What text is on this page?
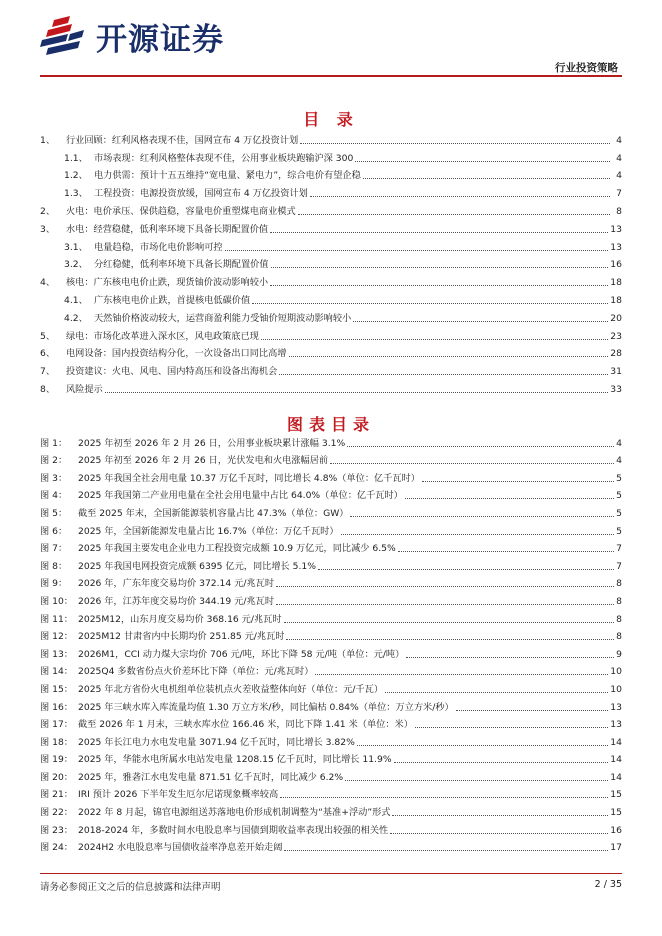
开源证券
行业投资策略
目 录
1、	行业回顾：红利风格表现不佳，国网宣布 4 万亿投资计划	4
1.1、 市场表现：红利风格整体表现不佳，公用事业板块跑输沪深 300	4
1.2、 电力供需：预计十五五维持“宽电量、紧电力”，综合电价有望企稳	4
1.3、 工程投资：电源投资放缓，国网宣布 4 万亿投资计划	7
2、	火电：电价承压、保供趋稳，容量电价重塑煤电商业模式	8
3、	水电：经营稳健，低利率环境下具备长期配置价值	13
3.1、 电量趋稳，市场化电价影响可控	13
3.2、 分红稳健，低利率环境下具备长期配置价值	16
4、	核电：广东核电电价止跌，现货铀价波动影响较小	18
4.1、 广东核电电价止跌，首提核电低碳价值	18
4.2、 天然铀价格波动较大，运营商盈利能力受铀价短期波动影响较小	20
5、	绿电：市场化改革进入深水区，风电政策底已现	23
6、	电网设备：国内投资结构分化，一次设备出口同比高增	28
7、	投资建议：火电、风电、国内特高压和设备出海机会	31
8、	风险提示	33
图表目录
图 1：	2025 年初至 2026 年 2 月 26 日，公用事业板块累计涨幅 3.1%	4
图 2：	2025 年初至 2026 年 2 月 26 日，光伏发电和火电涨幅居前	4
图 3：	2025 年我国全社会用电量 10.37 万亿千瓦时，同比增长 4.8%（单位：亿千瓦时）	5
图 4：	2025 年我国第二产业用电量在全社会用电量中占比 64.0%（单位：亿千瓦时）	5
图 5：	截至 2025 年末，全国新能源装机容量占比 47.3%（单位：GW）	5
图 6：	2025 年，全国新能源发电量占比 16.7%（单位：万亿千瓦时）	5
图 7：	2025 年我国主要发电企业电力工程投资完成额 10.9 万亿元，同比减少 6.5%	7
图 8：	2025 年我国电网投资完成额 6395 亿元，同比增长 5.1%	7
图 9：	2026 年，广东年度交易均价 372.14 元/兆瓦时	8
图 10： 2026 年，江苏年度交易均价 344.19 元/兆瓦时	8
图 11： 2025M12，山东月度交易均价 368.16 元/兆瓦时	8
图 12： 2025M12 甘肃省内中长期均价 251.85 元/兆瓦时	8
图 13： 2026M1，CCI 动力煤大宗均价 706 元/吨，环比下降 58 元/吨（单位：元/吨）	9
图 14： 2025Q4 多数省份点火价差环比下降（单位：元/兆瓦时）	10
图 15： 2025 年北方省份火电机组单位装机点火差收益整体向好（单位：元/千瓦）	10
图 16： 2025 年三峡水库入库流量均值 1.30 万立方米/秒，同比偏枯 0.84%（单位：万立方米/秒）	13
图 17： 截至 2026 年 1 月末，三峡水库水位 166.46 米，同比下降 1.41 米（单位：米）	13
图 18： 2025 年长江电力水电发电量 3071.94 亿千瓦时，同比增长 3.82%	14
图 19： 2025 年，华能水电所属水电站发电量 1208.15 亿千瓦时，同比增长 11.9%	14
图 20： 2025 年，雅砻江水电发电量 871.51 亿千瓦时，同比减少 6.2%	14
图 21： IRI 预计 2026 下半年发生厄尔尼诺现象概率较高	15
图 22： 2022 年 8 月起，锦官电源组送苏落地电价形成机制调整为“基准+浮动”形式	15
图 23： 2018-2024 年，多数时间水电股息率与国债到期收益率表现出较强的相关性	16
图 24： 2024H2 水电股息率与国债收益率净息差开始走阔	17
请务必参阅正文之后的信息披露和法律声明	2 / 35
